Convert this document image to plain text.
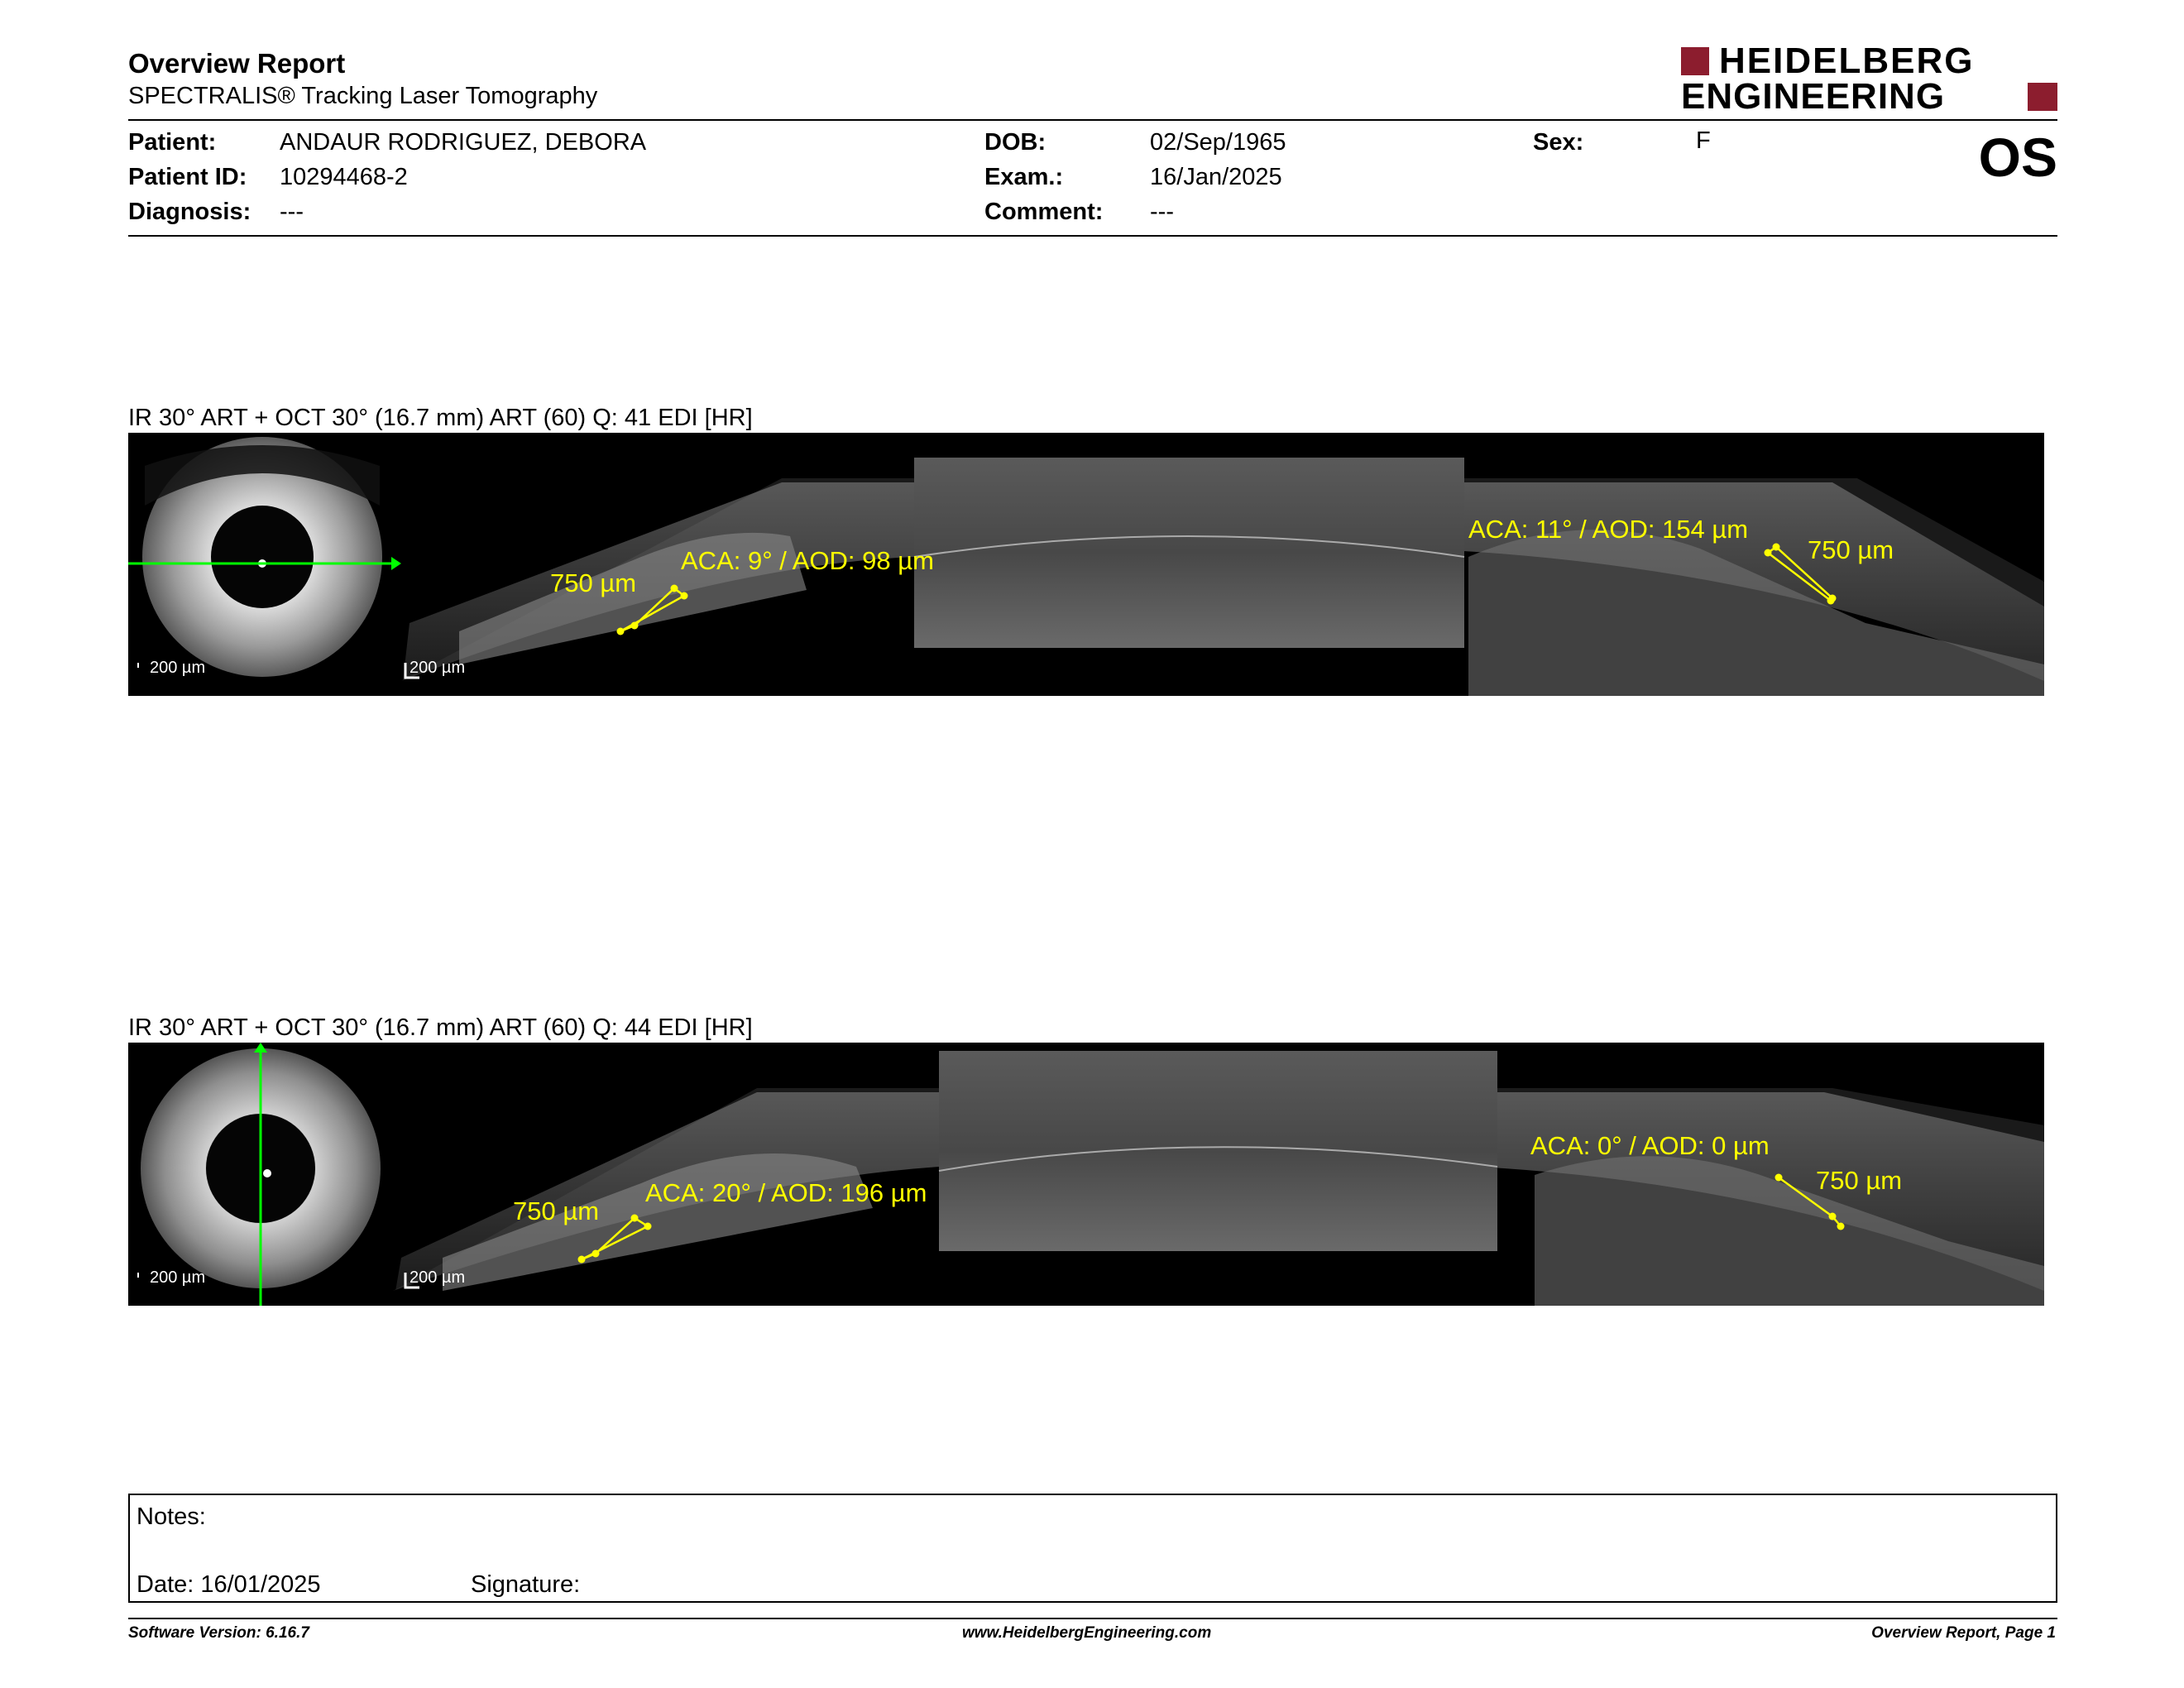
Overview Report
SPECTRALIS® Tracking Laser Tomography
HEIDELBERG
ENGINEERING
Patient:	ANDAUR RODRIGUEZ, DEBORA
Patient ID: 10294468-2
Diagnosis: ---
DOB:	02/Sep/1965
Exam.:	16/Jan/2025
Comment: ---
Sex:	F	OS
IR 30° ART + OCT 30° (16.7 mm) ART (60) Q: 41 EDI [HR]
200 µm	200 µm
750 µm
ACA: 9° / AOD: 98 µm
ACA: 11° / AOD: 154 µm
750 µm
IR 30° ART + OCT 30° (16.7 mm) ART (60) Q: 44 EDI [HR]
200 µm	200 µm
750 µm
ACA: 20° / AOD: 196 µm
ACA: 0° / AOD: 0 µm
750 µm
Notes:
Date: 16/01/2025	Signature:
Software Version: 6.16.7	www.HeidelbergEngineering.com	Overview Report, Page 1
